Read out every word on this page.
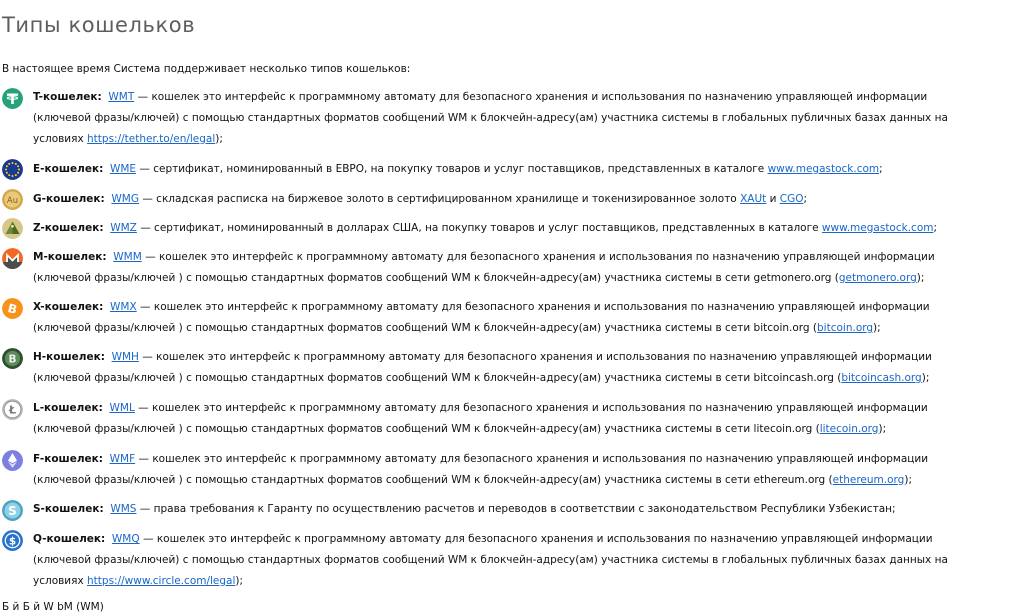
Типы кошельков

В настоящее время Система поддерживает несколько типов кошельков:

T-кошелек: WMT — кошелек это интерфейс к программному автомату для безопасного хранения и использования по назначению управляющей информации
(ключевой фразы/ключей) с помощью стандартных форматов сообщений WM к блокчейн-адресу(ам) участника системы в глобальных публичных базах данных на
условиях https://tether.to/en/legal);
E-кошелек: WME — сертификат, номинированный в ЕВРО, на покупку товаров и услуг поставщиков, представленных в каталоге www.megastock.com;
Au G-кошелек: WMG — складская расписка на биржевое золото в сертифицированном хранилище и токенизированное золото XAUt и CGO;
Z-кошелек: WMZ — сертификат, номинированный в долларах США, на покупку товаров и услуг поставщиков, представленных в каталоге www.megastock.com;
M-кошелек: WMM — кошелек это интерфейс к программному автомату для безопасного хранения и использования по назначению управляющей информации
(ключевой фразы/ключей ) с помощью стандартных форматов сообщений WM к блокчейн-адресу(ам) участника системы в сети getmonero.org (getmonero.org);
B X-кошелек: WMX — кошелек это интерфейс к программному автомату для безопасного хранения и использования по назначению управляющей информации
(ключевой фразы/ключей ) с помощью стандартных форматов сообщений WM к блокчейн-адресу(ам) участника системы в сети bitcoin.org (bitcoin.org);
B H-кошелек: WMH — кошелек это интерфейс к программному автомату для безопасного хранения и использования по назначению управляющей информации
(ключевой фразы/ключей ) с помощью стандартных форматов сообщений WM к блокчейн-адресу(ам) участника системы в сети bitcoincash.org (bitcoincash.org);
Ł L-кошелек: WML — кошелек это интерфейс к программному автомату для безопасного хранения и использования по назначению управляющей информации
(ключевой фразы/ключей ) с помощью стандартных форматов сообщений WM к блокчейн-адресу(ам) участника системы в сети litecoin.org (litecoin.org);
F-кошелек: WMF — кошелек это интерфейс к программному автомату для безопасного хранения и использования по назначению управляющей информации
(ключевой фразы/ключей ) с помощью стандартных форматов сообщений WM к блокчейн-адресу(ам) участника системы в сети ethereum.org (ethereum.org);
S S-кошелек: WMS — права требования к Гаранту по осуществлению расчетов и переводов в соответствии с законодательством Республики Узбекистан;
$ Q-кошелек: WMQ — кошелек это интерфейс к программному автомату для безопасного хранения и использования по назначению управляющей информации
(ключевой фразы/ключей) с помощью стандартных форматов сообщений WM к блокчейн-адресу(ам) участника системы в глобальных публичных базах данных на
условиях https://www.circle.com/legal);

Б й Б й W bM (WM)
